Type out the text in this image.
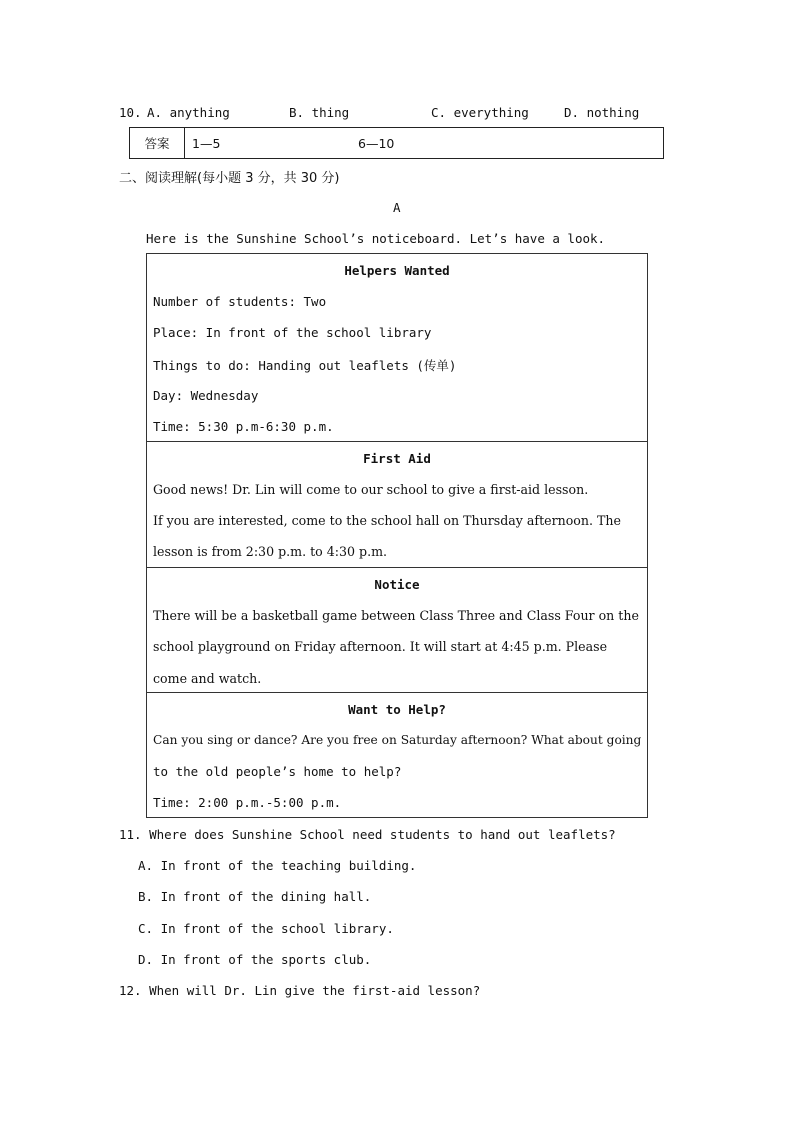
10. A. anything	B. thing	C. everything	D. nothing
答案	1—5	6—10
二、阅读理解(每小题 3 分，共 30 分)
A
Here is the Sunshine School’s noticeboard. Let’s have a look.
Helpers Wanted
Number of students: Two
Place: In front of the school library
Things to do: Handing out leaflets (传单)
Day: Wednesday
Time: 5:30 p.m-6:30 p.m.
First Aid
Good news! Dr. Lin will come to our school to give a first-aid lesson.
If you are interested, come to the school hall on Thursday afternoon. The
lesson is from 2:30 p.m. to 4:30 p.m.
Notice
There will be a basketball game between Class Three and Class Four on the
school playground on Friday afternoon. It will start at 4:45 p.m. Please
come and watch.
Want to Help?
Can you sing or dance? Are you free on Saturday afternoon? What about going
to the old people’s home to help?
Time: 2:00 p.m.-5:00 p.m.
11. Where does Sunshine School need students to hand out leaflets?
A. In front of the teaching building.
B. In front of the dining hall.
C. In front of the school library.
D. In front of the sports club.
12. When will Dr. Lin give the first-aid lesson?
